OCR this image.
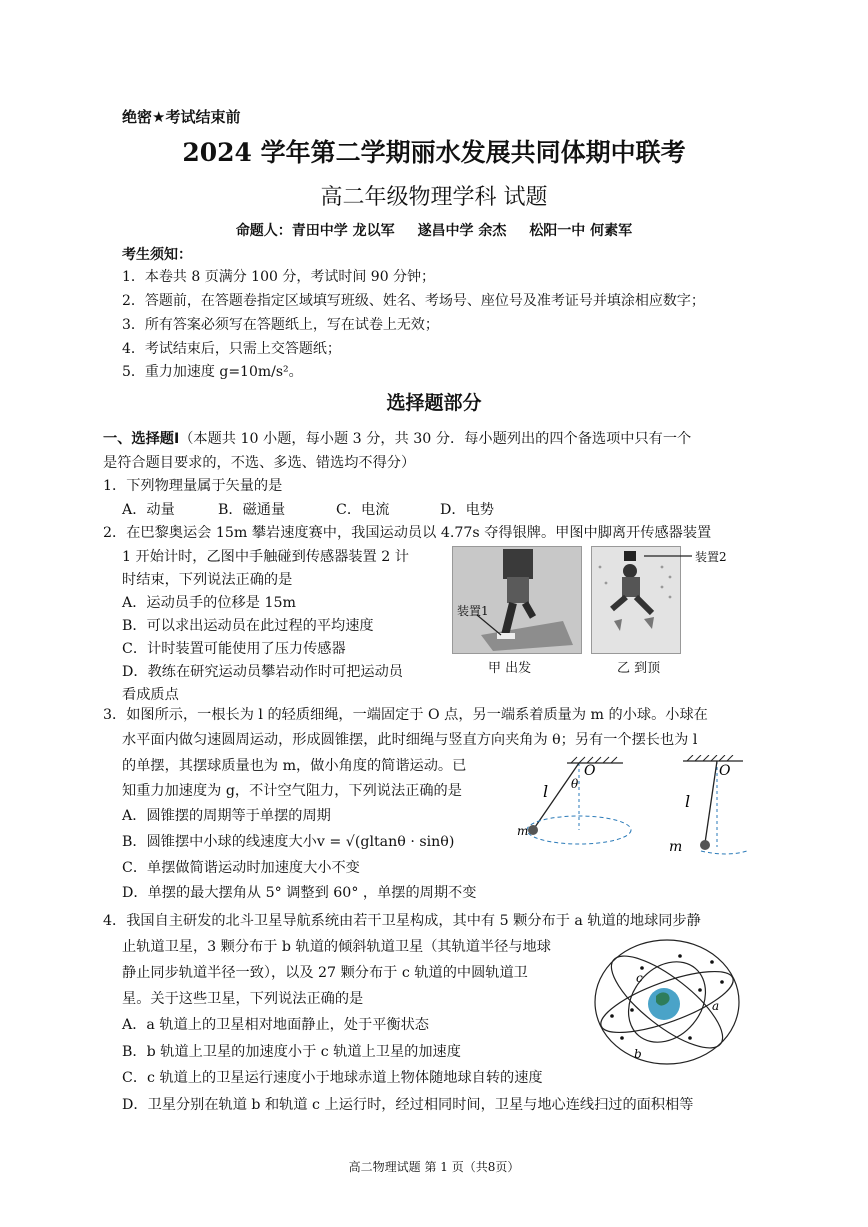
绝密★考试结束前
2024 学年第二学期丽水发展共同体期中联考
高二年级物理学科 试题
命题人：青田中学 龙以军 遂昌中学 余杰 松阳一中 何素军
考生须知：
1．本卷共 8 页满分 100 分，考试时间 90 分钟；
2．答题前，在答题卷指定区域填写班级、姓名、考场号、座位号及准考证号并填涂相应数字；
3．所有答案必须写在答题纸上，写在试卷上无效；
4．考试结束后，只需上交答题纸；
5．重力加速度 g=10m/s²。
选择题部分
一、选择题Ⅰ（本题共 10 小题，每小题 3 分，共 30 分．每小题列出的四个备选项中只有一个
是符合题目要求的，不选、多选、错选均不得分）
1．下列物理量属于矢量的是
A．动量	B．磁通量	C．电流	D．电势
2．在巴黎奥运会 15m 攀岩速度赛中，我国运动员以 4.77s 夺得银牌。甲图中脚离开传感器装置
1 开始计时，乙图中手触碰到传感器装置 2 计
时结束，下列说法正确的是
A．运动员手的位移是 15m
B．可以求出运动员在此过程的平均速度
C．计时装置可能使用了压力传感器
D．教练在研究运动员攀岩动作时可把运动员
看成质点
装置1
装置2
甲 出发	乙 到顶
3．如图所示，一根长为 l 的轻质细绳，一端固定于 O 点，另一端系着质量为 m 的小球。小球在
水平面内做匀速圆周运动，形成圆锥摆，此时细绳与竖直方向夹角为 θ；另有一个摆长也为 l
的单摆，其摆球质量也为 m，做小角度的简谐运动。已
知重力加速度为 g，不计空气阻力，下列说法正确的是
A．圆锥摆的周期等于单摆的周期
B．圆锥摆中小球的线速度大小v = √(gltanθ · sinθ)
C．单摆做简谐运动时加速度大小不变
D．单摆的最大摆角从 5° 调整到 60° ，单摆的周期不变
O
θ
l
m
O
l
m
4．我国自主研发的北斗卫星导航系统由若干卫星构成，其中有 5 颗分布于 a 轨道的地球同步静
止轨道卫星，3 颗分布于 b 轨道的倾斜轨道卫星（其轨道半径与地球
静止同步轨道半径一致），以及 27 颗分布于 c 轨道的中圆轨道卫
星。关于这些卫星，下列说法正确的是
A．a 轨道上的卫星相对地面静止，处于平衡状态
B．b 轨道上卫星的加速度小于 c 轨道上卫星的加速度
C．c 轨道上的卫星运行速度小于地球赤道上物体随地球自转的速度
D．卫星分别在轨道 b 和轨道 c 上运行时，经过相同时间，卫星与地心连线扫过的面积相等
a
b
c
高二物理试题 第 1 页（共8页）
